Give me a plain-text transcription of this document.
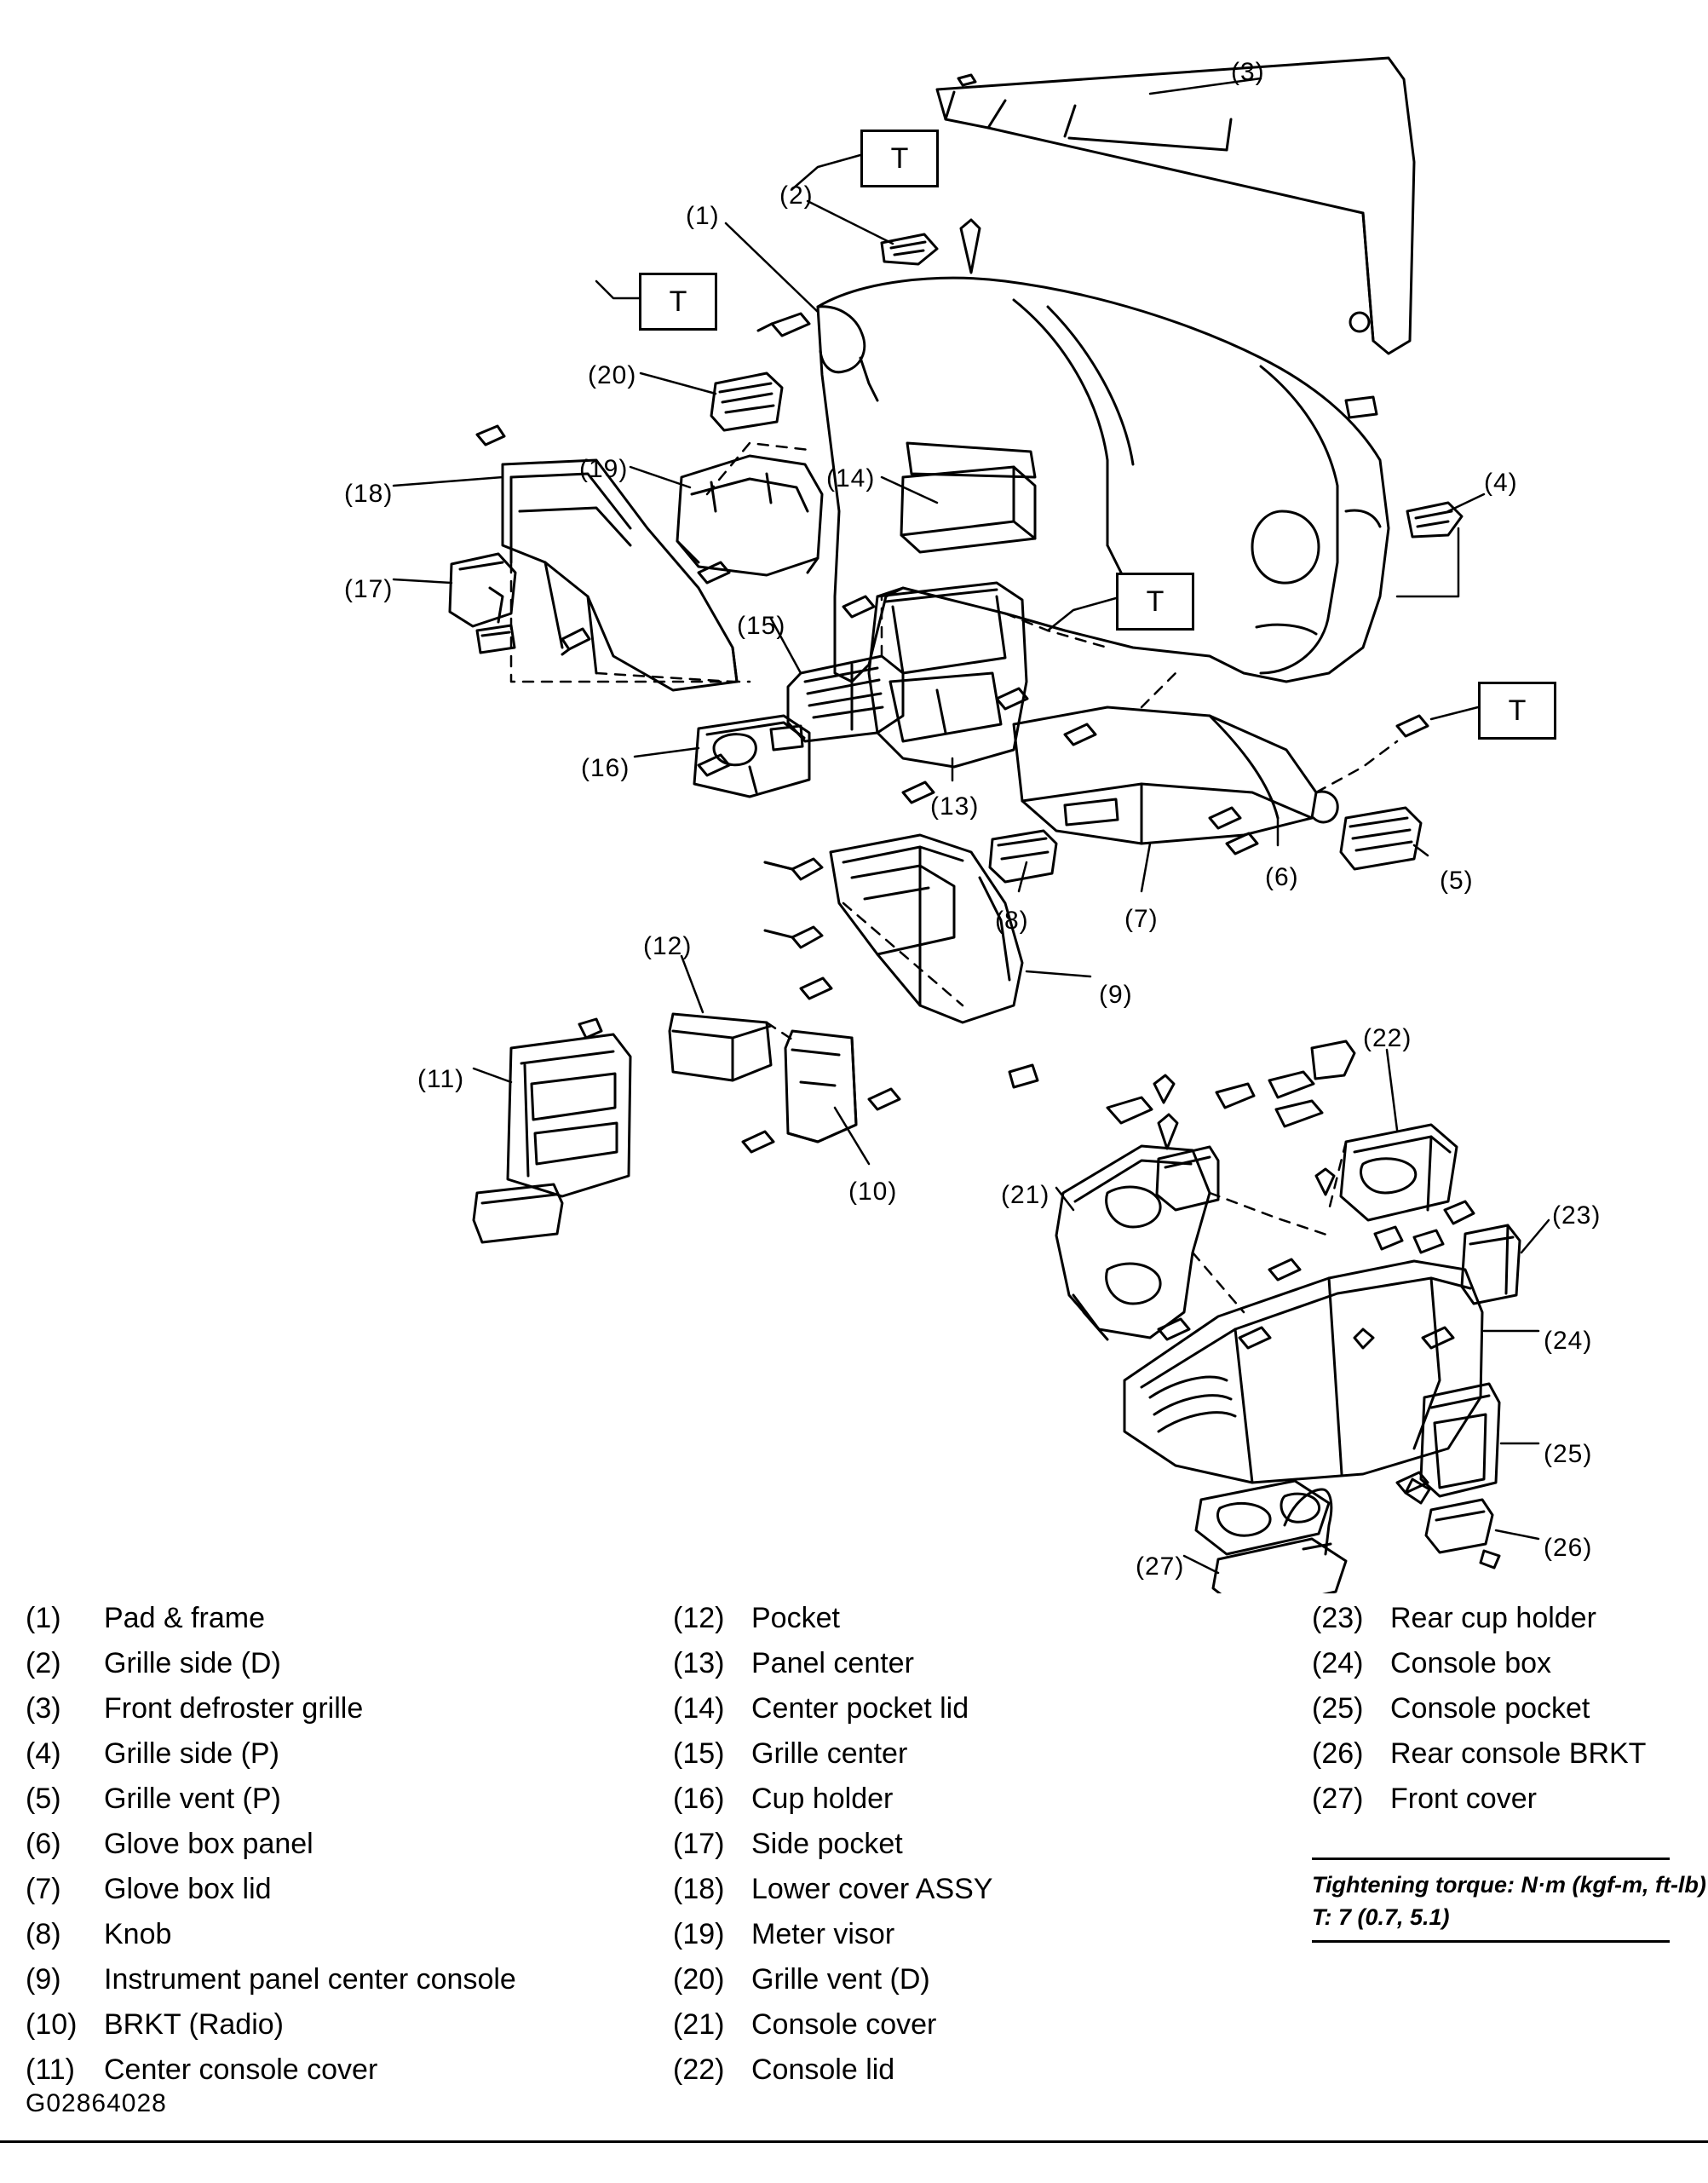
(1)
(2)
(3)
(4)
(5)
(6)
(7)
(8)
(9)
(10)
(11)
(12)
(13)
(14)
(15)
(16)
(17)
(18)
(19)
(20)
(21)
(22)
(23)
(24)
(25)
(26)
(27)
T
T
T
T
(1)	Pad & frame
(2)	Grille side (D)
(3)	Front defroster grille
(4)	Grille side (P)
(5)	Grille vent (P)
(6)	Glove box panel
(7)	Glove box lid
(8)	Knob
(9)	Instrument panel center console
(10) BRKT (Radio)
(11)	Center console cover
(12) Pocket
(13) Panel center
(14) Center pocket lid
(15) Grille center
(16) Cup holder
(17) Side pocket
(18) Lower cover ASSY
(19) Meter visor
(20) Grille vent (D)
(21) Console cover
(22) Console lid
(23) Rear cup holder
(24) Console box
(25) Console pocket
(26) Rear console BRKT
(27) Front cover
Tightening torque: N·m (kgf-m, ft-lb)
T: 7 (0.7, 5.1)
G02864028
